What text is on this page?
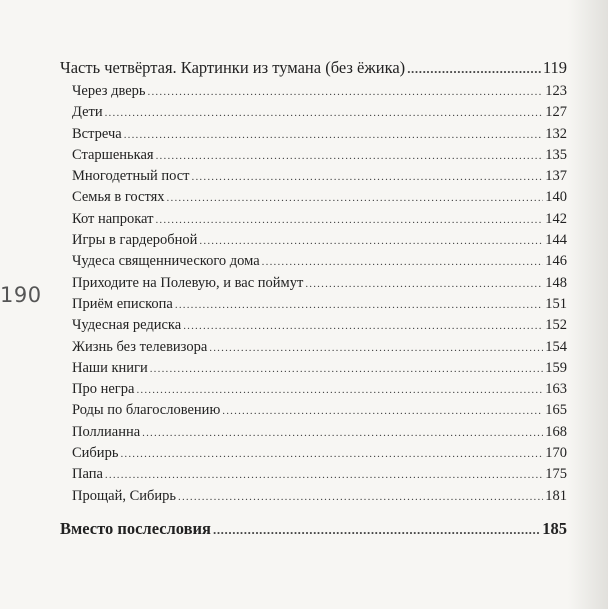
190
Часть четвёртая. Картинки из тумана (без ёжика) .....	119
Через дверь .....	123
Дети .....	127
Встреча .....	132
Старшенькая .....	135
Многодетный пост .....	137
Семья в гостях .....	140
Кот напрокат .....	142
Игры в гардеробной .....	144
Чудеса священнического дома .....	146
Приходите на Полевую, и вас поймут .....	148
Приём епископа .....	151
Чудесная редиска .....	152
Жизнь без телевизора .....	154
Наши книги .....	159
Про негра .....	163
Роды по благословению .....	165
Поллианна .....	168
Сибирь .....	170
Папа .....	175
Прощай, Сибирь .....	181
Вместо послесловия .....	185
